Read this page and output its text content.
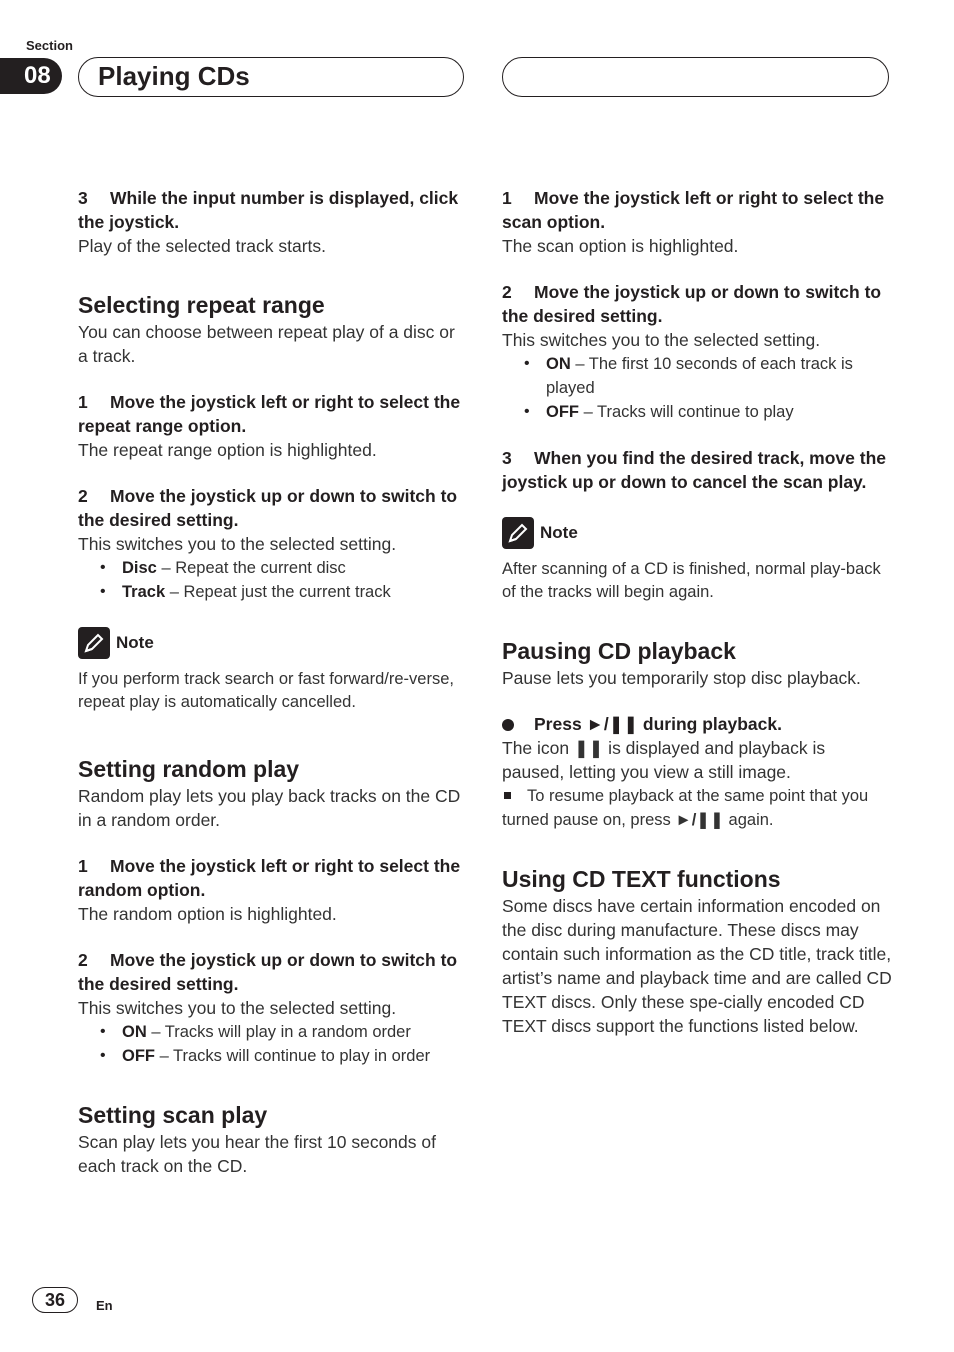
Section
08	Playing CDs

3 While the input number is displayed, click the joystick.

Play of the selected track starts.

Selecting repeat range

You can choose between repeat play of a disc or a track.

1 Move the joystick left or right to select the repeat range option.

The repeat range option is highlighted.

2 Move the joystick up or down to switch to the desired setting.

This switches you to the selected setting.

• Disc – Repeat the current disc
• Track – Repeat just the current track
Note

If you perform track search or fast forward/re-verse, repeat play is automatically cancelled.

Setting random play

Random play lets you play back tracks on the CD in a random order.

1 Move the joystick left or right to select the random option.

The random option is highlighted.

2 Move the joystick up or down to switch to the desired setting.

This switches you to the selected setting.

• ON – Tracks will play in a random order
• OFF – Tracks will continue to play in order
Setting scan play

Scan play lets you hear the first 10 seconds of each track on the CD.

1 Move the joystick left or right to select the scan option.

The scan option is highlighted.

2 Move the joystick up or down to switch to the desired setting.

This switches you to the selected setting.

• ON – The first 10 seconds of each track is played
• OFF – Tracks will continue to play

3 When you find the desired track, move the joystick up or down to cancel the scan play.

Note

After scanning of a CD is finished, normal play-back of the tracks will begin again.

Pausing CD playback

Pause lets you temporarily stop disc playback.

Press ►/❚❚ during playback.

The icon ❚❚ is displayed and playback is paused, letting you view a still image.

To resume playback at the same point that you turned pause on, press ►/❚❚ again.

Using CD TEXT functions

Some discs have certain information encoded on the disc during manufacture. These discs may contain such information as the CD title, track title, artist’s name and playback time and are called CD TEXT discs. Only these spe-cially encoded CD TEXT discs support the functions listed below.

36	En
